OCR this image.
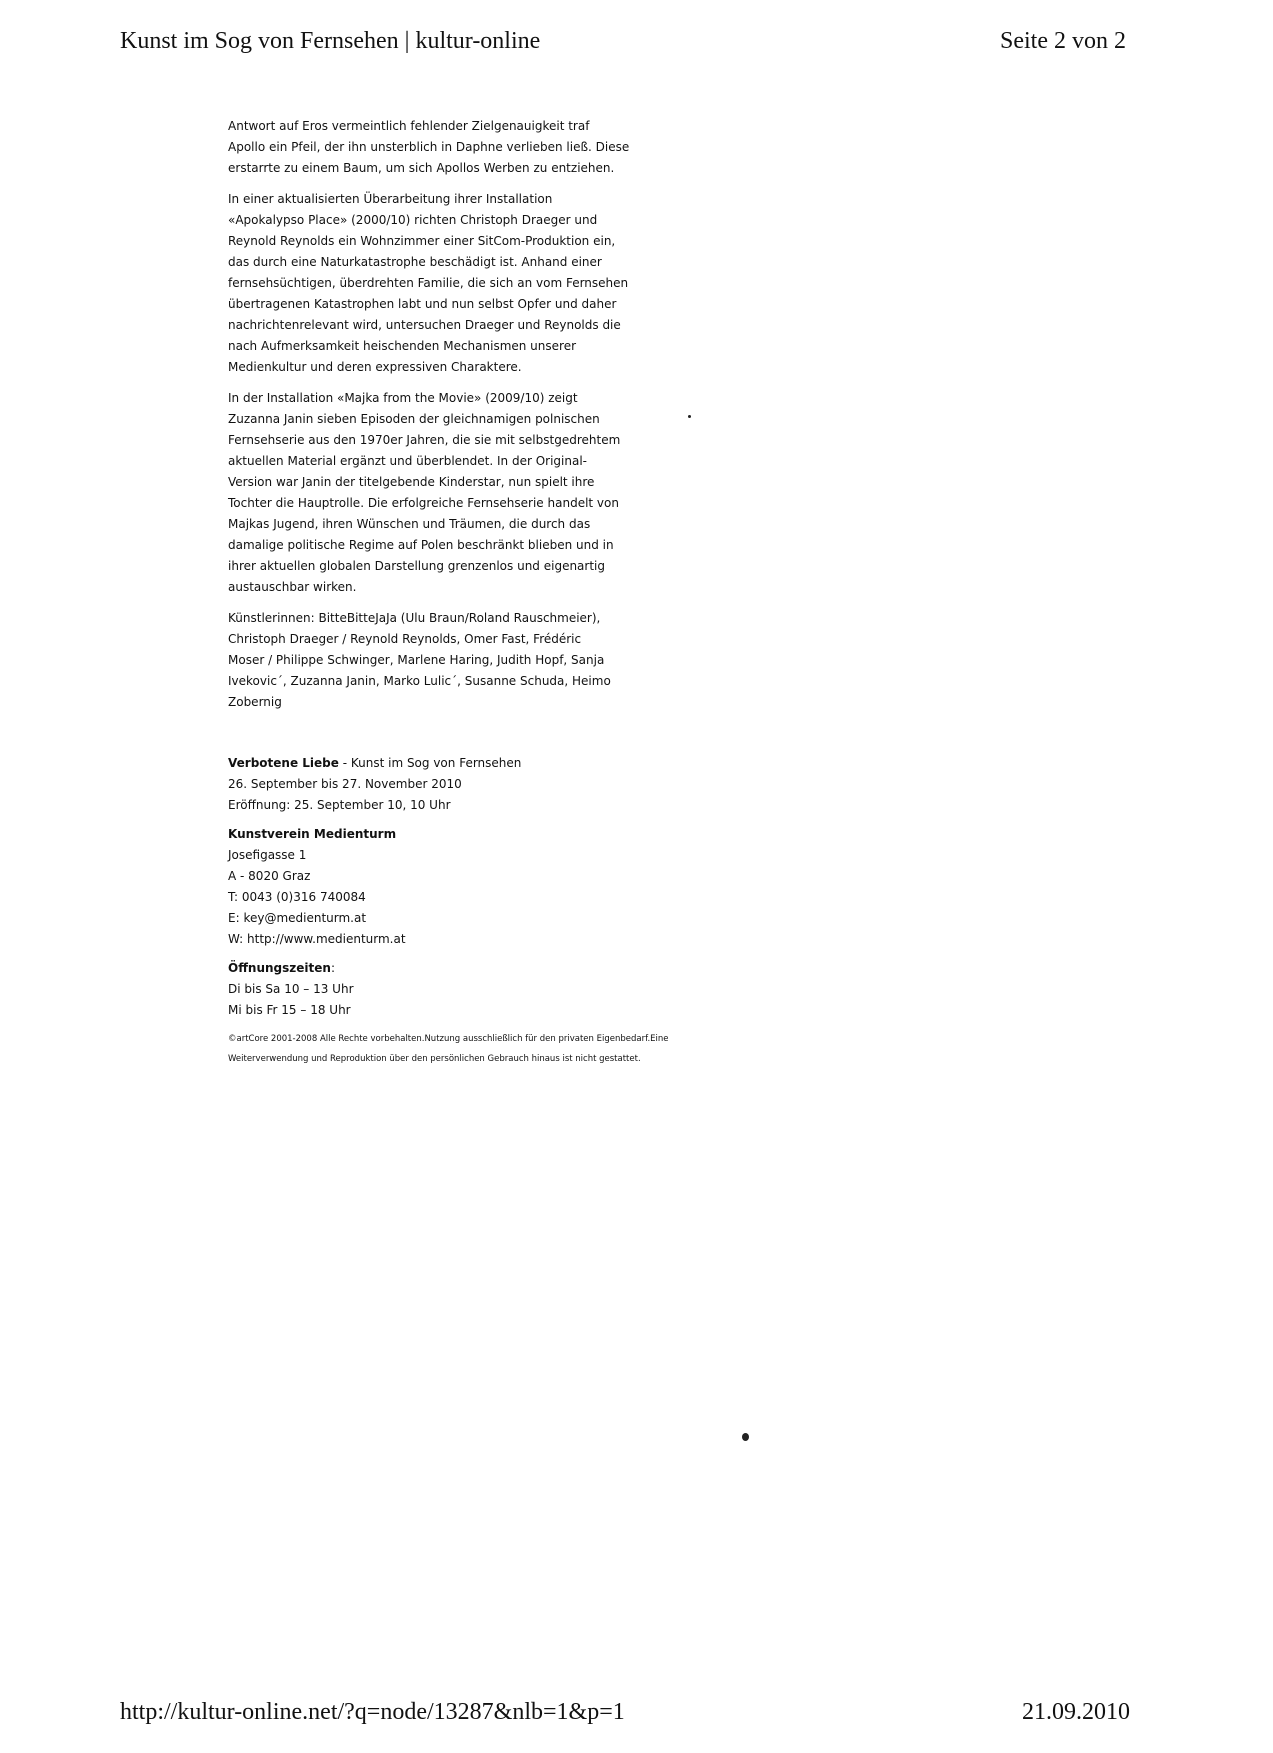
Kunst im Sog von Fernsehen | kultur-online	Seite 2 von 2
Antwort auf Eros vermeintlich fehlender Zielgenauigkeit traf
Apollo ein Pfeil, der ihn unsterblich in Daphne verlieben ließ. Diese
erstarrte zu einem Baum, um sich Apollos Werben zu entziehen.
In einer aktualisierten Überarbeitung ihrer Installation
«Apokalypso Place» (2000/10) richten Christoph Draeger und
Reynold Reynolds ein Wohnzimmer einer SitCom-Produktion ein,
das durch eine Naturkatastrophe beschädigt ist. Anhand einer
fernsehsüchtigen, überdrehten Familie, die sich an vom Fernsehen
übertragenen Katastrophen labt und nun selbst Opfer und daher
nachrichtenrelevant wird, untersuchen Draeger und Reynolds die
nach Aufmerksamkeit heischenden Mechanismen unserer
Medienkultur und deren expressiven Charaktere.
In der Installation «Majka from the Movie» (2009/10) zeigt
Zuzanna Janin sieben Episoden der gleichnamigen polnischen
Fernsehserie aus den 1970er Jahren, die sie mit selbstgedrehtem
aktuellen Material ergänzt und überblendet. In der Original-
Version war Janin der titelgebende Kinderstar, nun spielt ihre
Tochter die Hauptrolle. Die erfolgreiche Fernsehserie handelt von
Majkas Jugend, ihren Wünschen und Träumen, die durch das
damalige politische Regime auf Polen beschränkt blieben und in
ihrer aktuellen globalen Darstellung grenzenlos und eigenartig
austauschbar wirken.
Künstlerinnen: BitteBitteJaJa (Ulu Braun/Roland Rauschmeier),
Christoph Draeger / Reynold Reynolds, Omer Fast, Frédéric
Moser / Philippe Schwinger, Marlene Haring, Judith Hopf, Sanja
Ivekovic´, Zuzanna Janin, Marko Lulic´, Susanne Schuda, Heimo
Zobernig
Verbotene Liebe - Kunst im Sog von Fernsehen
26. September bis 27. November 2010
Eröffnung: 25. September 10, 10 Uhr
Kunstverein Medienturm
Josefigasse 1
A - 8020 Graz
T: 0043 (0)316 740084
E: key@medienturm.at
W: http://www.medienturm.at
Öffnungszeiten:
Di bis Sa 10 – 13 Uhr
Mi bis Fr 15 – 18 Uhr
©artCore 2001-2008 Alle Rechte vorbehalten.Nutzung ausschließlich für den privaten Eigenbedarf.Eine
Weiterverwendung und Reproduktion über den persönlichen Gebrauch hinaus ist nicht gestattet.
http://kultur-online.net/?q=node/13287&nlb=1&p=1	21.09.2010
